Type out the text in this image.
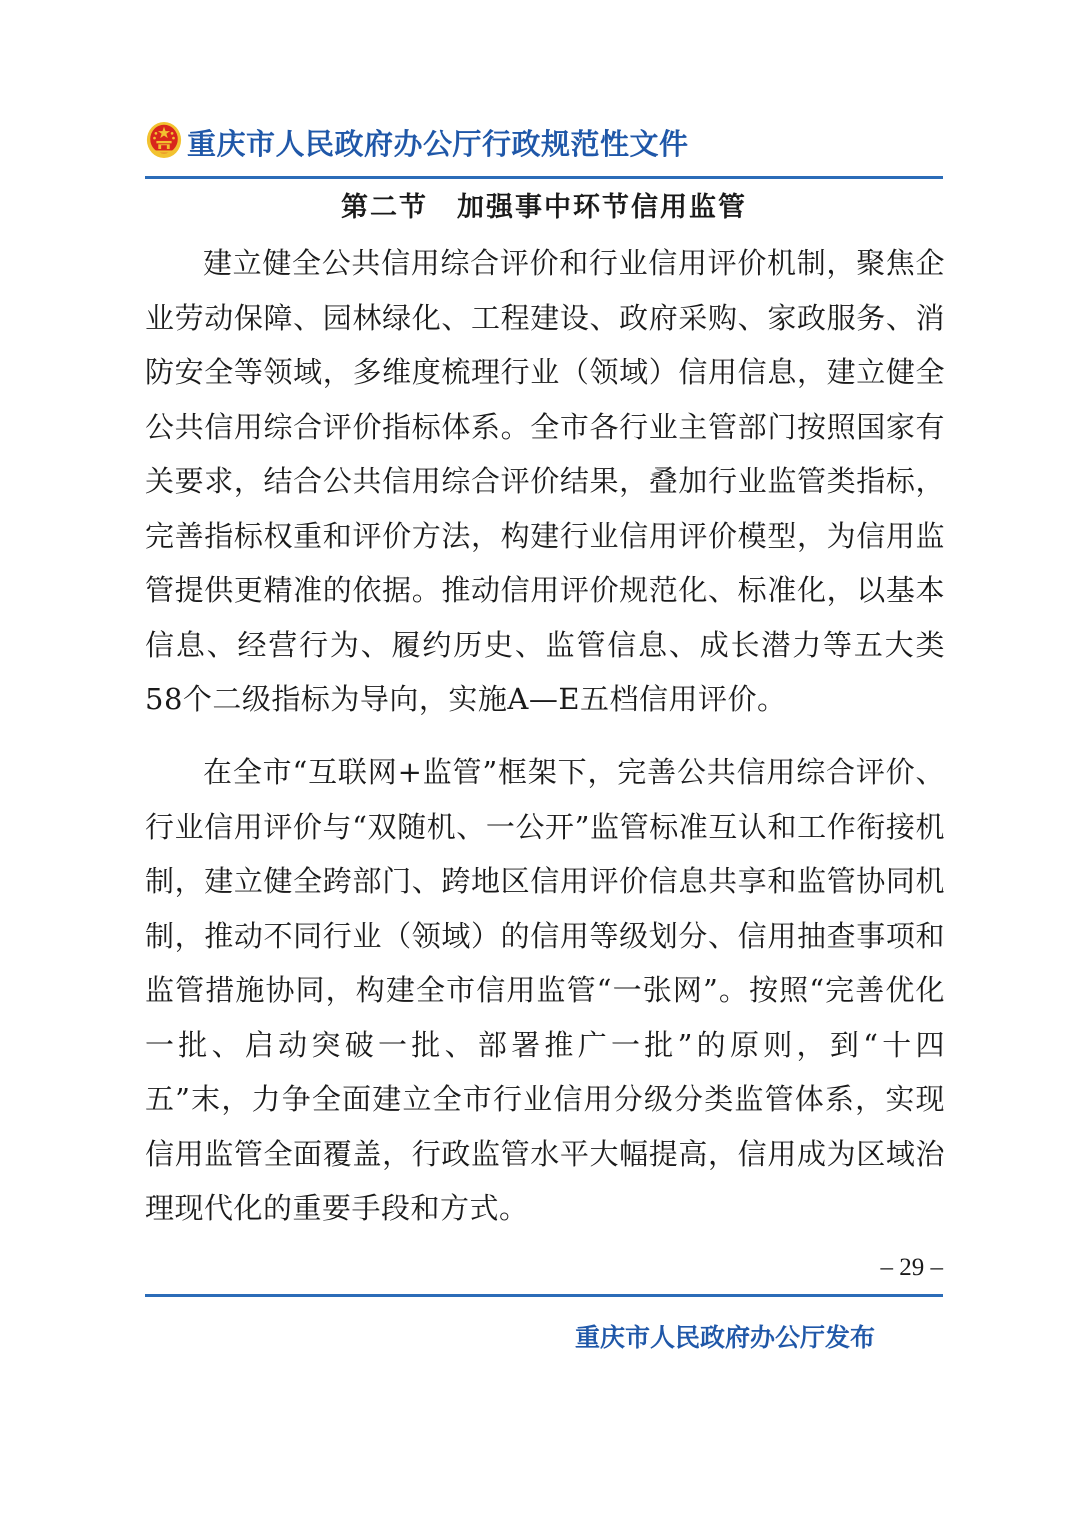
重庆市人民政府办公厅行政规范性文件
第二节　加强事中环节信用监管

建立健全公共信用综合评价和行业信用评价机制，聚焦企业劳动保障、园林绿化、工程建设、政府采购、家政服务、消防安全等领域，多维度梳理行业（领域）信用信息，建立健全公共信用综合评价指标体系。全市各行业主管部门按照国家有关要求，结合公共信用综合评价结果，叠加行业监管类指标，完善指标权重和评价方法，构建行业信用评价模型，为信用监管提供更精准的依据。推动信用评价规范化、标准化，以基本信息、经营行为、履约历史、监管信息、成长潜力等五大类58个二级指标为导向，实施A—E五档信用评价。

在全市“互联网+监管”框架下，完善公共信用综合评价、行业信用评价与“双随机、一公开”监管标准互认和工作衔接机制，建立健全跨部门、跨地区信用评价信息共享和监管协同机制，推动不同行业（领域）的信用等级划分、信用抽查事项和监管措施协同，构建全市信用监管“一张网”。按照“完善优化一批、启动突破一批、部署推广一批”的原则，到“十四五”末，力争全面建立全市行业信用分级分类监管体系，实现信用监管全面覆盖，行政监管水平大幅提高，信用成为区域治理现代化的重要手段和方式。

– 29 –
重庆市人民政府办公厅发布
